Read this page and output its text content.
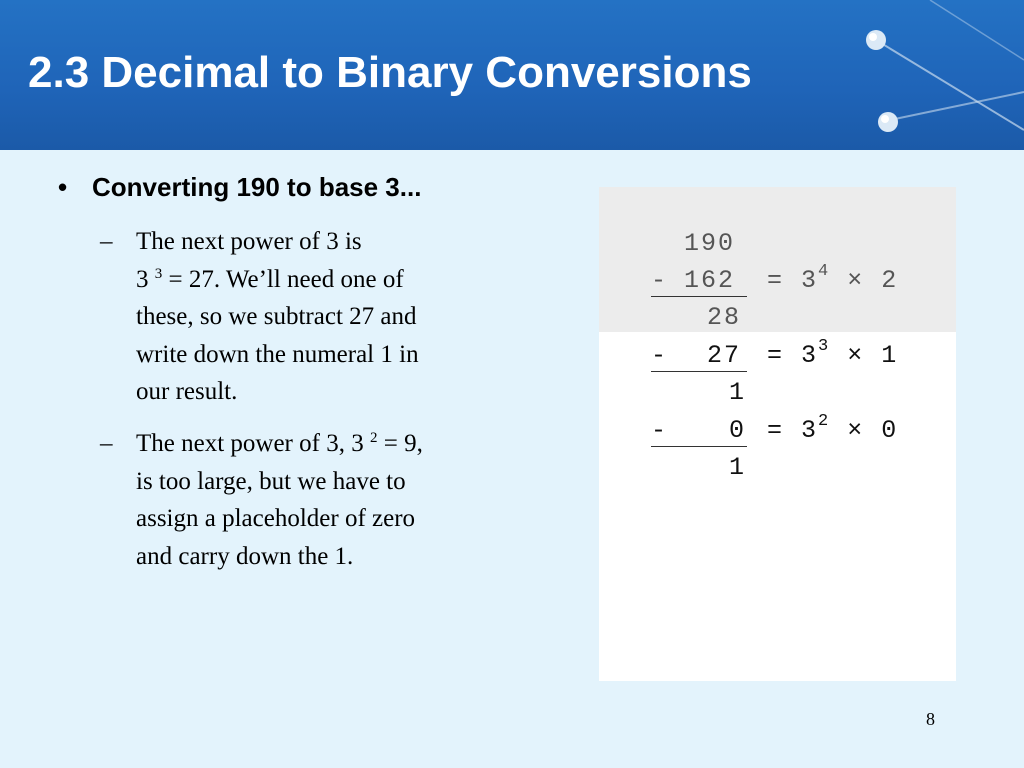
2.3 Decimal to Binary Conversions
• Converting 190 to base 3...
– The next power of 3 is
3 $^3$ = 27. We’ll need one of
these, so we subtract 27 and
write down the numeral 1 in
our result.
– The next power of 3, 3 $^2$ = 9,
is too large, but we have to
assign a placeholder of zero
and carry down the 1.
190
- $162 = 3^4 \times 2$
28
- $27 = 3^3 \times 1$
1
- $0 = 3^2 \times 0$
1
8
